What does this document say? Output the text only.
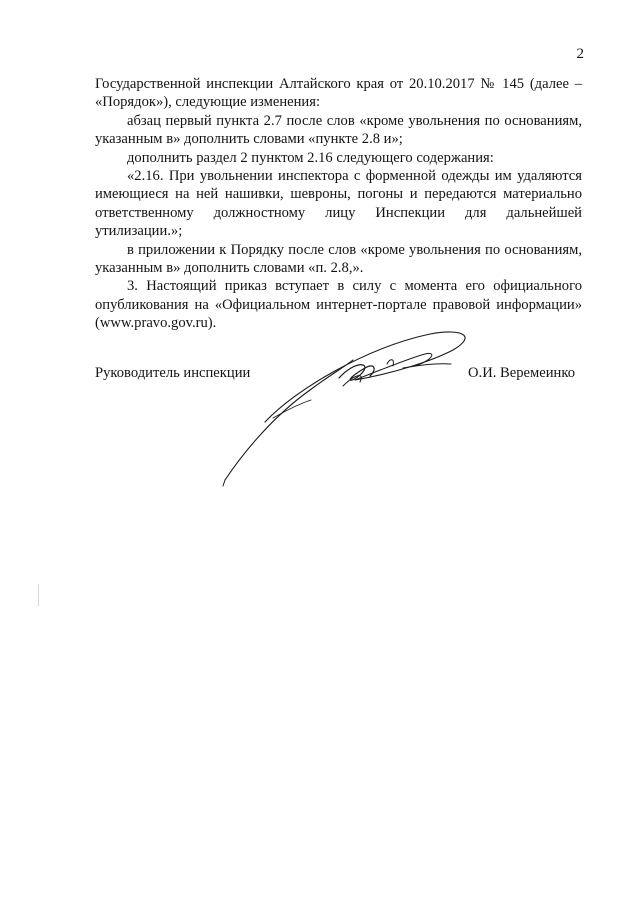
2

Государственной инспекции Алтайского края от 20.10.2017 № 145 (далее – «Порядок»), следующие изменения:

абзац первый пункта 2.7 после слов «кроме увольнения по основаниям, указанным в» дополнить словами «пункте 2.8 и»;

дополнить раздел 2 пунктом 2.16 следующего содержания:

«2.16. При увольнении инспектора с форменной одежды им удаляются имеющиеся на ней нашивки, шевроны, погоны и передаются материально ответственному должностному лицу Инспекции для дальнейшей утилизации.»;

в приложении к Порядку после слов «кроме увольнения по основаниям, указанным в» дополнить словами «п. 2.8,».

3. Настоящий приказ вступает в силу с момента его официального опубликования на «Официальном интернет-портале правовой информации» (www.pravo.gov.ru).

Руководитель инспекции	О.И. Веремеинко
